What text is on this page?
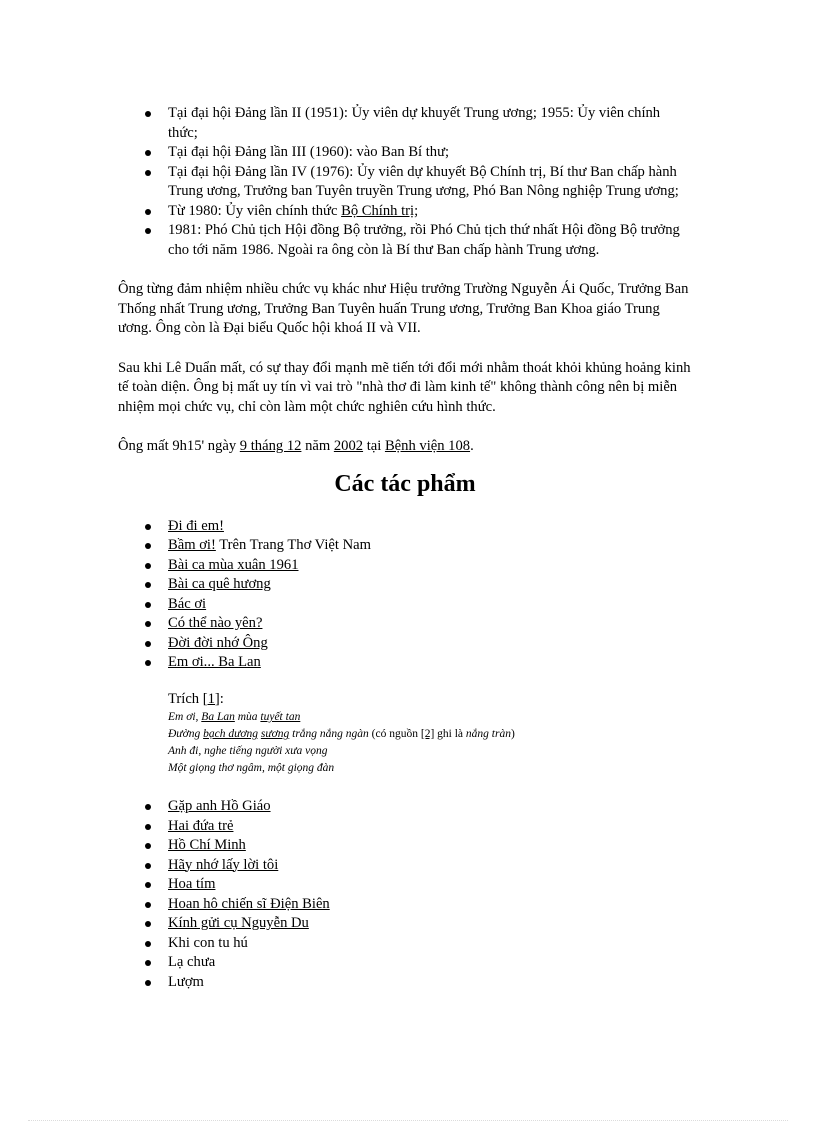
Tại đại hội Đảng lần II (1951): Ủy viên dự khuyết Trung ương; 1955: Ủy viên chính thức;
Tại đại hội Đảng lần III (1960): vào Ban Bí thư;
Tại đại hội Đảng lần IV (1976): Ủy viên dự khuyết Bộ Chính trị, Bí thư Ban chấp hành Trung ương, Trưởng ban Tuyên truyền Trung ương, Phó Ban Nông nghiệp Trung ương;
Từ 1980: Ủy viên chính thức Bộ Chính trị;
1981: Phó Chủ tịch Hội đồng Bộ trưởng, rồi Phó Chủ tịch thứ nhất Hội đồng Bộ trưởng cho tới năm 1986. Ngoài ra ông còn là Bí thư Ban chấp hành Trung ương.

Ông từng đảm nhiệm nhiều chức vụ khác như Hiệu trưởng Trường Nguyễn Ái Quốc, Trưởng Ban Thống nhất Trung ương, Trưởng Ban Tuyên huấn Trung ương, Trưởng Ban Khoa giáo Trung ương. Ông còn là Đại biểu Quốc hội khoá II và VII.

Sau khi Lê Duẩn mất, có sự thay đổi mạnh mẽ tiến tới đổi mới nhằm thoát khỏi khủng hoảng kinh tế toàn diện. Ông bị mất uy tín vì vai trò "nhà thơ đi làm kinh tế" không thành công nên bị miễn nhiệm mọi chức vụ, chỉ còn làm một chức nghiên cứu hình thức.

Ông mất 9h15' ngày 9 tháng 12 năm 2002 tại Bệnh viện 108.

Các tác phẩm
Đi đi em!
Bầm ơi! Trên Trang Thơ Việt Nam
Bài ca mùa xuân 1961
Bài ca quê hương
Bác ơi
Có thể nào yên?
Đời đời nhớ Ông
Em ơi... Ba Lan
Trích [1]:
Em ơi, Ba Lan mùa tuyết tan
Đường bạch dương sương trắng nắng ngàn (có nguồn [2] ghi là nắng tràn)
Anh đi, nghe tiếng người xưa vọng
Một giọng thơ ngâm, một giọng đàn
Gặp anh Hồ Giáo
Hai đứa trẻ
Hồ Chí Minh
Hãy nhớ lấy lời tôi
Hoa tím
Hoan hô chiến sĩ Điện Biên
Kính gửi cụ Nguyễn Du
Khi con tu hú
Lạ chưa
Lượm
